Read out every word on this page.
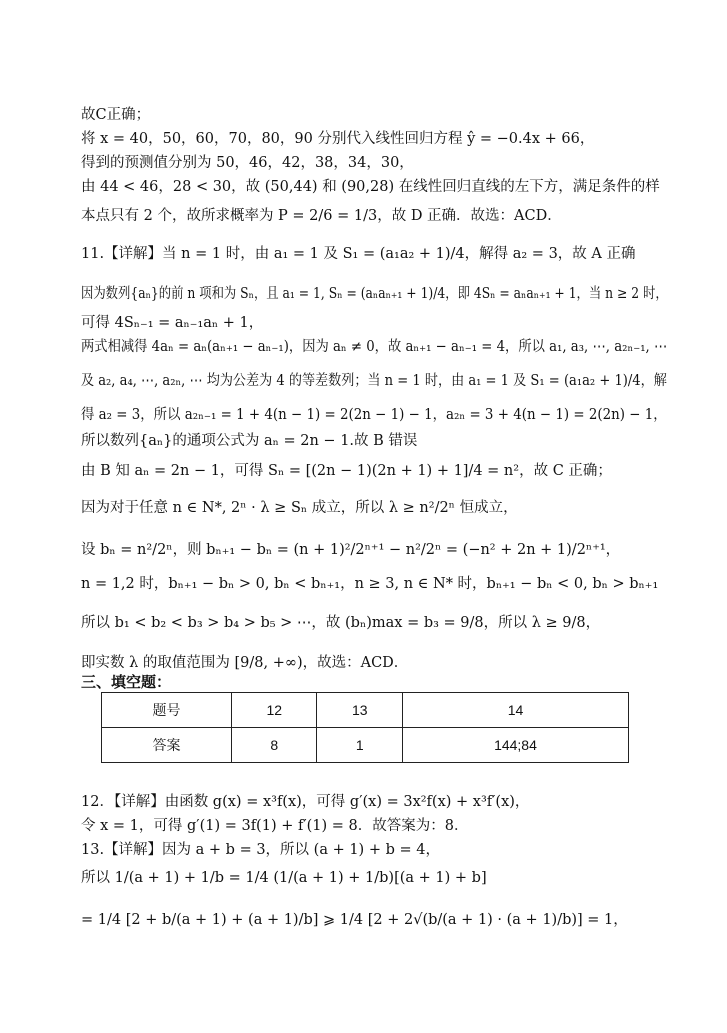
故C正确；
将 x = 40，50，60，70，80，90 分别代入线性回归方程 ŷ = −0.4x + 66，
得到的预测值分别为 50，46，42，38，34，30，
由 44 < 46，28 < 30，故 (50,44) 和 (90,28) 在线性回归直线的左下方，满足条件的样
本点只有 2 个，故所求概率为 P = 2/6 = 1/3，故 D 正确．故选：ACD．
11.【详解】当 n = 1 时，由 a₁ = 1 及 S₁ = (a₁a₂ + 1)/4，解得 a₂ = 3，故 A 正确
因为数列{aₙ}的前 n 项和为 Sₙ，且 a₁ = 1, Sₙ = (aₙaₙ₊₁ + 1)/4，即 4Sₙ = aₙaₙ₊₁ + 1，当 n ≥ 2 时，
可得 4Sₙ₋₁ = aₙ₋₁aₙ + 1，
两式相减得 4aₙ = aₙ(aₙ₊₁ − aₙ₋₁)，因为 aₙ ≠ 0，故 aₙ₊₁ − aₙ₋₁ = 4，所以 a₁, a₃, ⋯, a₂ₙ₋₁, ⋯
及 a₂, a₄, ⋯, a₂ₙ, ⋯ 均为公差为 4 的等差数列；当 n = 1 时，由 a₁ = 1 及 S₁ = (a₁a₂ + 1)/4，解
得 a₂ = 3，所以 a₂ₙ₋₁ = 1 + 4(n − 1) = 2(2n − 1) − 1，a₂ₙ = 3 + 4(n − 1) = 2(2n) − 1，
所以数列{aₙ}的通项公式为 aₙ = 2n − 1.故 B 错误
由 B 知 aₙ = 2n − 1，可得 Sₙ = [(2n − 1)(2n + 1) + 1]/4 = n²，故 C 正确；
因为对于任意 n ∈ N*, 2ⁿ · λ ≥ Sₙ 成立，所以 λ ≥ n²/2ⁿ 恒成立，
设 bₙ = n²/2ⁿ，则 bₙ₊₁ − bₙ = (n + 1)²/2ⁿ⁺¹ − n²/2ⁿ = (−n² + 2n + 1)/2ⁿ⁺¹，
n = 1,2 时，bₙ₊₁ − bₙ > 0, bₙ < bₙ₊₁，n ≥ 3, n ∈ N* 时，bₙ₊₁ − bₙ < 0, bₙ > bₙ₊₁
所以 b₁ < b₂ < b₃ > b₄ > b₅ > ⋯，故 (bₙ)max = b₃ = 9/8，所以 λ ≥ 9/8，
即实数 λ 的取值范围为 [9/8, +∞)，故选：ACD．
三、填空题：
题号	12	13	14
答案	8	1	144;84
12．【详解】由函数 g(x) = x³f(x)，可得 g′(x) = 3x²f(x) + x³f′(x)，
令 x = 1，可得 g′(1) = 3f(1) + f′(1) = 8．故答案为：8．
13.【详解】因为 a + b = 3，所以 (a + 1) + b = 4，
所以 1/(a + 1) + 1/b = 1/4 (1/(a + 1) + 1/b)[(a + 1) + b]
= 1/4 [2 + b/(a + 1) + (a + 1)/b] ⩾ 1/4 [2 + 2√(b/(a + 1) · (a + 1)/b)] = 1，
